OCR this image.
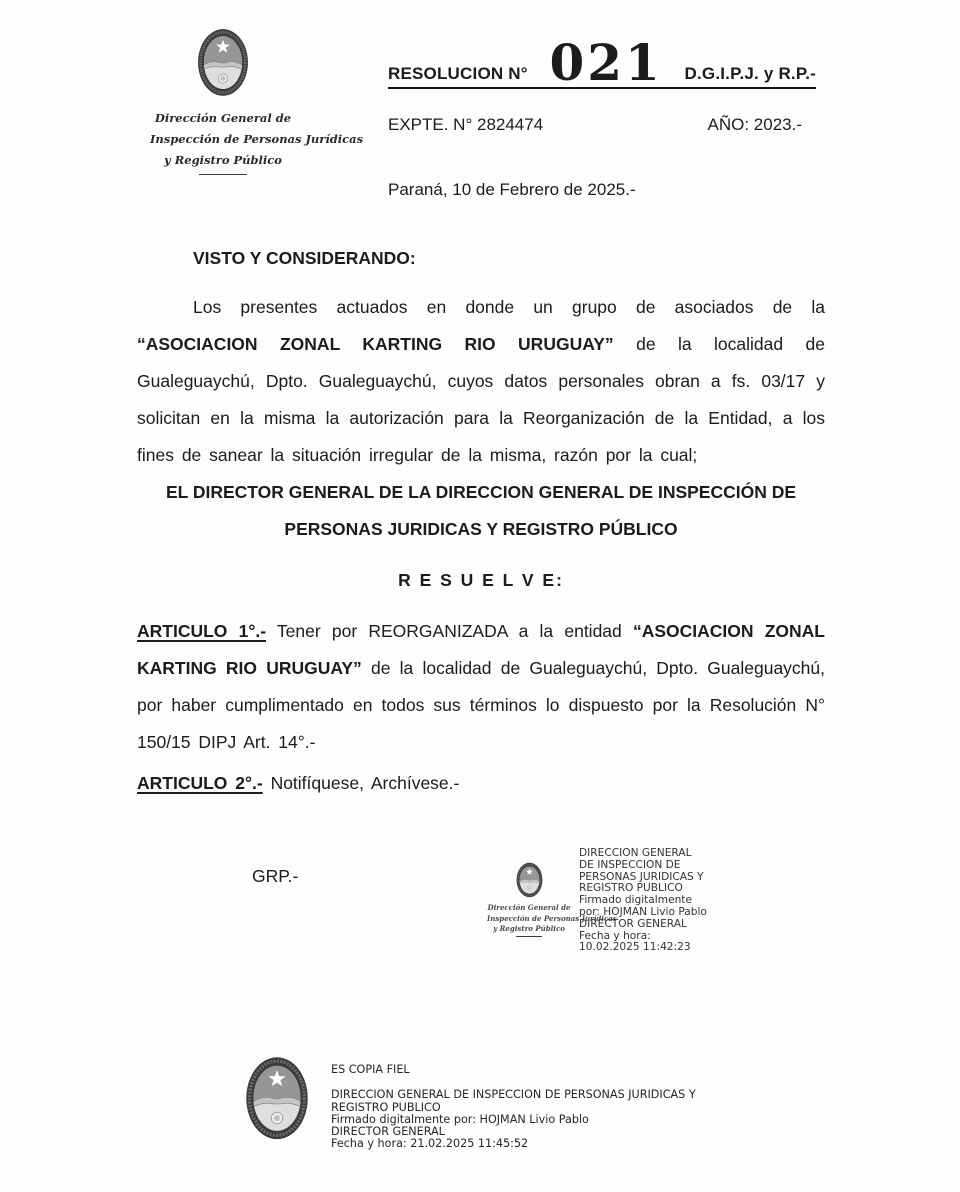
Dirección General de
Inspección de Personas Jurídicas
y Registro Público
RESOLUCION N° 021 D.G.I.P.J. y R.P.-
EXPTE. N° 2824474	AÑO: 2023.-
Paraná, 10 de Febrero de 2025.-
VISTO Y CONSIDERANDO:

Los presentes actuados en donde un grupo de asociados de la “ASOCIACION ZONAL KARTING RIO URUGUAY” de la localidad de Gualeguaychú, Dpto. Gualeguaychú, cuyos datos personales obran a fs. 03/17 y solicitan en la misma la autorización para la Reorganización de la Entidad, a los fines de sanear la situación irregular de la misma, razón por la cual;

EL DIRECTOR GENERAL DE LA DIRECCION GENERAL DE INSPECCIÓN DE
PERSONAS JURIDICAS Y REGISTRO PÚBLICO
R E S U E L V E:

ARTICULO 1°.- Tener por REORGANIZADA a la entidad “ASOCIACION ZONAL KARTING RIO URUGUAY” de la localidad de Gualeguaychú, Dpto. Gualeguaychú, por haber cumplimentado en todos sus términos lo dispuesto por la Resolución N° 150/15 DIPJ Art. 14°.-

ARTICULO 2°.- Notifíquese, Archívese.-

GRP.-
Dirección General de
Inspección de Personas Jurídicas
y Registro Público
DIRECCION GENERAL
DE INSPECCION DE
PERSONAS JURIDICAS Y
REGISTRO PUBLICO
Firmado digitalmente
por: HOJMAN Livio Pablo
DIRECTOR GENERAL
Fecha y hora:
10.02.2025 11:42:23
ES COPIA FIEL
DIRECCION GENERAL DE INSPECCION DE PERSONAS JURIDICAS Y
REGISTRO PUBLICO
Firmado digitalmente por: HOJMAN Livio Pablo
DIRECTOR GENERAL
Fecha y hora: 21.02.2025 11:45:52
